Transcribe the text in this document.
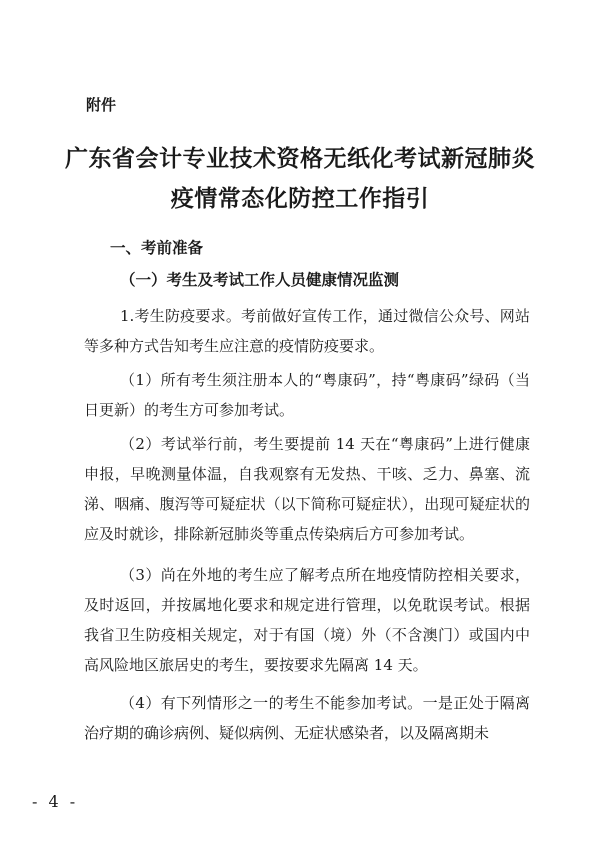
附件
广东省会计专业技术资格无纸化考试新冠肺炎
疫情常态化防控工作指引
一、考前准备
（一）考生及考试工作人员健康情况监测

1.考生防疫要求。考前做好宣传工作，通过微信公众号、网站等多种方式告知考生应注意的疫情防疫要求。

（1）所有考生须注册本人的“粤康码”，持“粤康码”绿码（当日更新）的考生方可参加考试。

（2）考试举行前，考生要提前 14 天在“粤康码”上进行健康申报，早晚测量体温，自我观察有无发热、干咳、乏力、鼻塞、流涕、咽痛、腹泻等可疑症状（以下简称可疑症状），出现可疑症状的应及时就诊，排除新冠肺炎等重点传染病后方可参加考试。

（3）尚在外地的考生应了解考点所在地疫情防控相关要求，及时返回，并按属地化要求和规定进行管理，以免耽误考试。根据我省卫生防疫相关规定，对于有国（境）外（不含澳门）或国内中高风险地区旅居史的考生，要按要求先隔离 14 天。

（4）有下列情形之一的考生不能参加考试。一是正处于隔离治疗期的确诊病例、疑似病例、无症状感染者，以及隔离期未

- 4 -
